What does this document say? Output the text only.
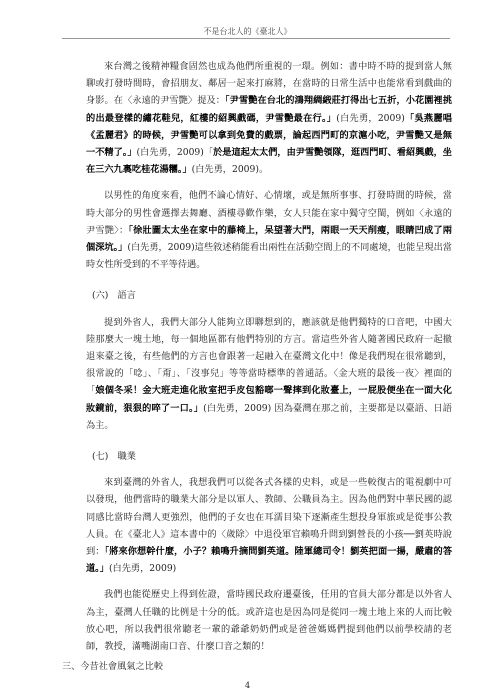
不是台北人的《臺北人》

來台灣之後精神糧食固然也成為他們所重視的一環。例如：書中時不時的提到當人無聊或打發時間時，會招朋友、鄰居一起來打麻將，在當時的日常生活中也能常看到戲曲的身影。在〈永遠的尹雪艷〉提及：「尹雪艷在台北的鴻翔綢緞莊打得出七五折，小花園裡挑的出最登樣的繡花鞋兒，紅樓的紹興戲碼，尹雪艷最在行。」(白先勇，2009)「吳燕麗唱《孟麗君》的時候，尹雪艷可以拿到免費的戲票，論起西門町的京滬小吃，尹雪艷又是無一不精了。」(白先勇，2009)「於是這起太太們，由尹雪艷領隊，逛西門町、看紹興戲，坐在三六九裏吃桂花湯糰。」(白先勇，2009)。

以男性的角度來看，他們不論心情好、心情壞，或是無所事事、打發時間的時候，當時大部分的男性會選擇去舞廳、酒樓尋歡作樂，女人只能在家中獨守空閨，例如〈永遠的尹雪艷〉：「徐壯圖太太坐在家中的藤椅上，呆望著大門，兩眼一天天削瘦，眼睛凹成了兩個深坑。」(白先勇，2009)這些敘述稍能看出兩性在活動空間上的不同處境，也能呈現出當時女性所受到的不平等待遇。

(六)　語言

提到外省人，我們大部分人能夠立即聯想到的，應該就是他們獨特的口音吧，中國大陸那麼大一塊土地，每一個地區都有他們特別的方言。當這些外省人隨著國民政府一起撤退來臺之後，有些他們的方言也會跟著一起融入在臺灣文化中！像是我們現在很常聽到，很常說的「唸」、「甭」、「沒事兒」等等當時標準的普通話。〈金大班的最後一夜〉裡面的「娘個冬采！金大班走進化妝室把手皮包豁啷一聲摔到化妝臺上，一屁股便坐在一面大化妝鏡前，狠狠的啐了一口。」(白先勇，2009) 因為臺灣在那之前，主要都是以臺語、日語為主。

(七)　職業

來到臺灣的外省人，我想我們可以從各式各樣的史料，或是一些較復古的電視劇中可以發現，他們當時的職業大部分是以軍人、教師、公職員為主。因為他們對中華民國的認同感比當時台灣人更強烈，他們的子女也在耳濡目染下逐漸產生想投身軍旅或是從事公教人員。在《臺北人》這本書中的〈歲除〉中退役軍官賴鳴升問到劉營長的小孩──劉英時說到：「將來你想幹什麼，小子？賴鳴升摘問劉英道。陸軍總司令！劉英把面一揚，嚴肅的答道。」(白先勇，2009)

我們也能從歷史上得到佐證，當時國民政府遷臺後，任用的官員大部分都是以外省人為主，臺灣人任職的比例是十分的低。或許這也是因為同是從同一塊土地上來的人而比較放心吧，所以我們很常聽老一輩的爺爺奶奶們或是爸爸媽媽們提到他們以前學校請的老師，教授，滿嘴湖南口音、什麼口音之類的！

三、今昔社會風氣之比較
4
